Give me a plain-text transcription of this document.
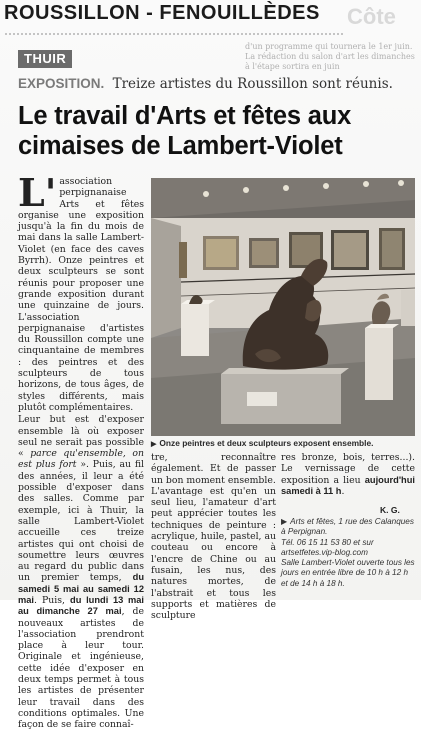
ROUSSILLON - FENOUILLÈDES Côte
d'un programme qui tournera le 1er juin. La rédaction du salon d'art les dimanches à l'étape sortira en juin
THUIR
EXPOSITION. Treize artistes du Roussillon sont réunis.
Le travail d'Arts et fêtes aux cimaises de Lambert-Violet

L'association perpignanaise Arts et fêtes organise une exposition jusqu'à la fin du mois de mai dans la salle Lambert-Violet (en face des caves Byrrh). Onze peintres et deux sculpteurs se sont réunis pour proposer une grande exposition durant une quinzaine de jours. L'association perpignanaise d'artistes du Roussillon compte une cinquantaine de membres : des peintres et des sculpteurs de tous horizons, de tous âges, de styles différents, mais plutôt complémentaires.

Leur but est d'exposer ensemble là où exposer seul ne serait pas possible « parce qu'ensemble, on est plus fort ». Puis, au fil des années, il leur a été possible d'exposer dans des salles. Comme par exemple, ici à Thuir, la salle Lambert-Violet accueille ces treize artistes qui ont choisi de soumettre leurs œuvres au regard du public dans un premier temps, du samedi 5 mai au samedi 12 mai. Puis, du lundi 13 mai au dimanche 27 mai, de nouveaux artistes de l'association prendront place à leur tour. Originale et ingénieuse, cette idée d'exposer en deux temps permet à tous les artistes de présenter leur travail dans des conditions optimales. Une façon de se faire connaî-

▶ Onze peintres et deux sculpteurs exposent ensemble.

tre, reconnaître également. Et de passer un bon moment ensemble.
L'avantage est qu'en un seul lieu, l'amateur d'art peut apprécier toutes les techniques de peinture : acrylique, huile, pastel, au couteau ou encore à l'encre de Chine ou au fusain, les nus, des natures mortes, de l'abstrait et tous les supports et matières de sculpture

res bronze, bois, terres...). Le vernissage de cette exposition a lieu aujourd'hui samedi à 11 h.

K. G.
▶ Arts et fêtes, 1 rue des Calanques à Perpignan.
Tél. 06 15 11 53 80 et sur artsetfetes.vip-blog.com
Salle Lambert-Violet ouverte tous les jours en entrée libre de 10 h à 12 h et de 14 h à 18 h.
